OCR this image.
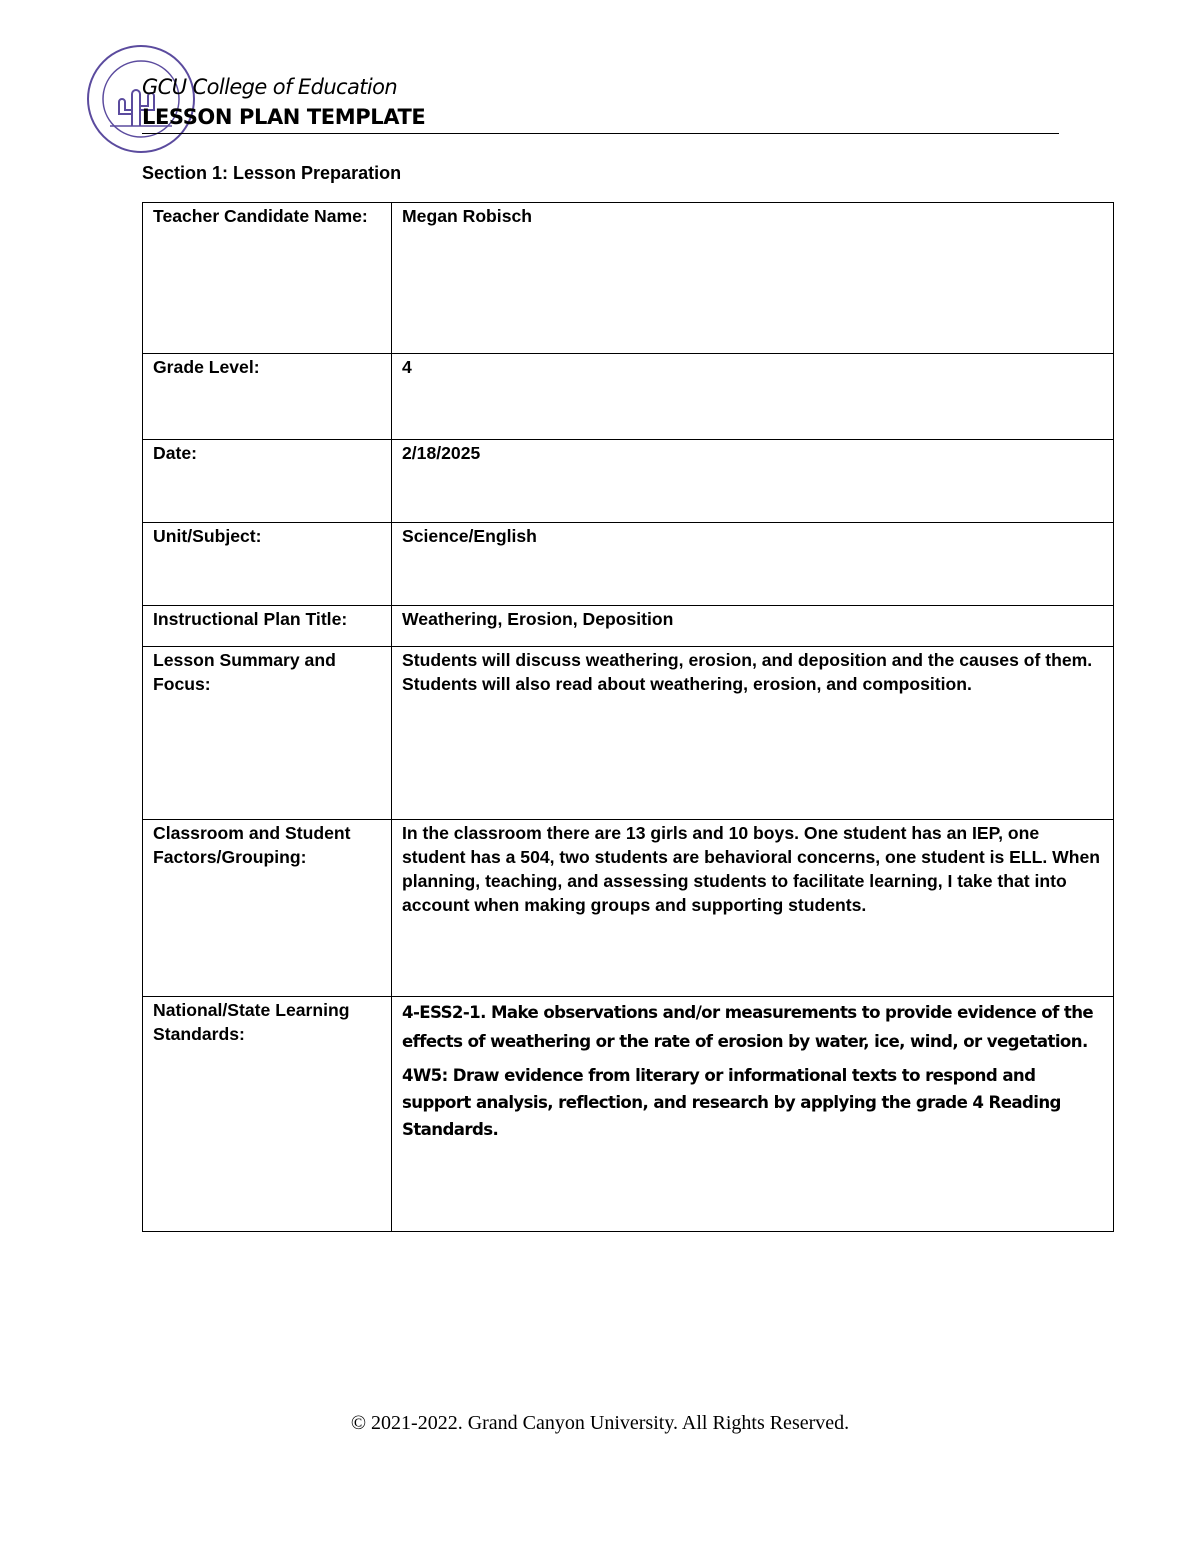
GCU College of Education
LESSON PLAN TEMPLATE
Section 1: Lesson Preparation
Teacher Candidate Name:	Megan Robisch
Grade Level:	4
Date:	2/18/2025
Unit/Subject:	Science/English
Instructional Plan Title:	Weathering, Erosion, Deposition
Lesson Summary and Focus:	Students will discuss weathering, erosion, and deposition and the causes of them. Students will also read about weathering, erosion, and composition.
Classroom and Student Factors/Grouping:	In the classroom there are 13 girls and 10 boys. One student has an IEP, one student has a 504, two students are behavioral concerns, one student is ELL. When planning, teaching, and assessing students to facilitate learning, I take that into account when making groups and supporting students.
National/State Learning Standards:	4-ESS2-1. Make observations and/or measurements to provide evidence of the effects of weathering or the rate of erosion by water, ice, wind, or vegetation.

4W5: Draw evidence from literary or informational texts to respond and support analysis, reflection, and research by applying the grade 4 Reading Standards.

© 2021-2022. Grand Canyon University. All Rights Reserved.
